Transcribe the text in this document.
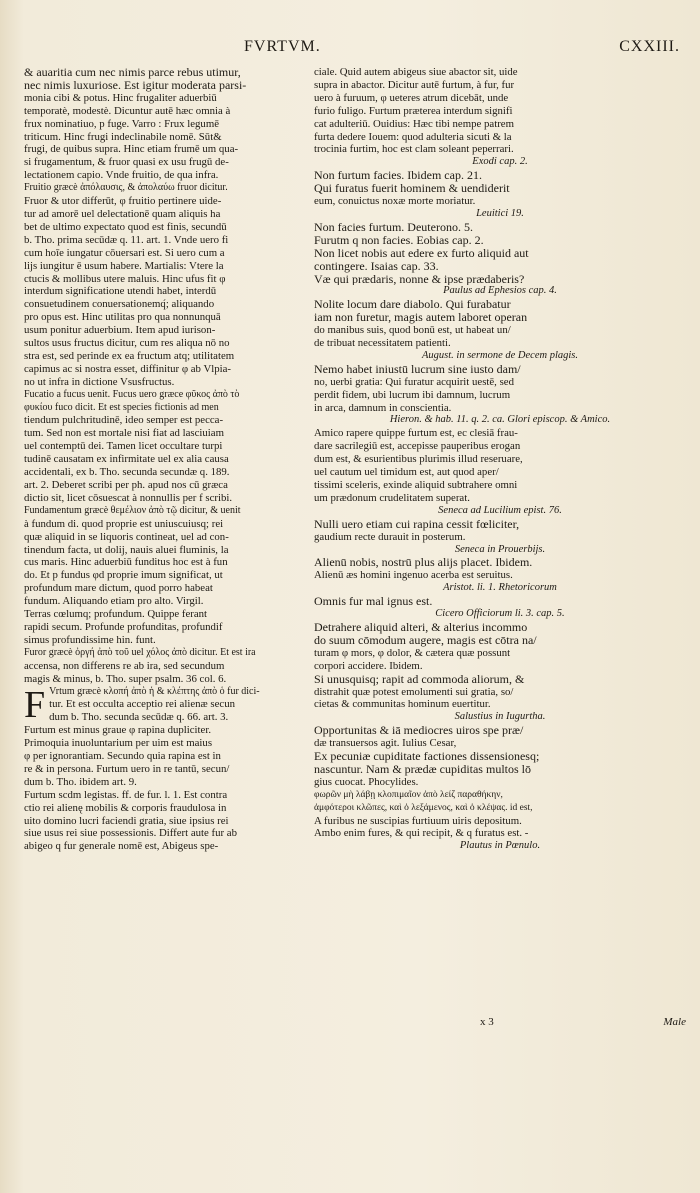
FVRTVM.	CXXIII.
& auaritia cum nec nimis parce rebus utimur,
nec nimis luxuriose. Est igitur moderata parsi-
monia cibi & potus. Hinc frugaliter aduerbiū
temporatè, modestè. Dicuntur autē hæc omnia à
frux nominatiuo, p fuge. Varro : Frux legumē
triticum. Hinc frugi indeclinabile nomē. Sūt&
frugi, de quibus supra. Hinc etiam frumē um qua-
si frugamentum, & fruor quasi ex usu frugū de-
lectationem capio. Vnde fruitio, de qua infra.
Fruitio græcè ἀπόλαυσις, & ἀπολαύω fruor dicitur.
Fruor & utor differūt, φ fruitio pertinere uide-
tur ad amorē uel delectationē quam aliquis ha
bet de ultimo expectato quod est finis, secundū
b. Tho. prima secūdæ q. 11. art. 1. Vnde uero fi
cum hoīe iungatur cōuersari est. Si uero cum a
lijs iungitur ē usum habere. Martialis: Vtere la
ctucis & mollibus utere maluis. Hinc ufus fit φ
interdum significatione utendi habet, interdū
consuetudinem conuersationemq́; aliquando
pro opus est. Hinc utilitas pro qua nonnunquā
usum ponitur aduerbium. Item apud iurison-
sultos usus fructus dicitur, cum res aliqua nō no
stra est, sed perinde ex ea fructum atq; utilitatem
capimus ac si nostra esset, diffinitur φ ab Vlpia-
no ut infra in dictione Vsusfructus.
Fucatio a fucus uenit. Fucus uero græce φῦκος ἀπὸ τὸ
φυκίου fuco dicit. Et est species fictionis ad men
tiendum pulchritudinē, ideo semper est pecca-
tum. Sed non est mortale nisi fiat ad lasciuiam
uel contemptū dei. Tamen licet occultare turpi
tudinē causatam ex infirmitate uel ex alia causa
accidentali, ex b. Tho. secunda secundæ q. 189.
art. 2. Deberet scribi per ph. apud nos cū græca
dictio sit, licet cōsuescat à nonnullis per f scribi.
Fundamentum græcè θεμέλιον ἀπὸ τῷ dicitur, & uenit
à fundum di. quod proprie est uniuscuiusq; rei
quæ aliquid in se liquoris contineat, uel ad con-
tinendum facta, ut dolij, nauis aluei fluminis, la
cus maris. Hinc aduerbiū funditus hoc est à fun
do. Et p fundus φd proprie imum significat, ut
profundum mare dictum, quod porro habeat
fundum. Aliquando etiam pro alto. Virgil.
Terras cœlumq; profundum. Quippe ferant
rapidi secum. Profunde profunditas, profundif
simus profundissime hin. funt.
Furor græcè ὀργή ἀπὸ τοῦ uel χόλος ἀπὸ dicitur. Et est ira
accensa, non differens re ab ira, sed secundum
magis & minus, b. Tho. super psalm. 36 col. 6.
F Vrtum græcè κλοπή ἀπὸ ἡ & κλέπτης ἀπὸ ὁ fur dici-
tur. Et est occulta acceptio rei alienæ secun
dum b. Tho. secunda secūdæ q. 66. art. 3.
Furtum est minus graue φ rapina dupliciter.
Primoquia inuoluntarium per uim est maius
φ per ignorantiam. Secundo quia rapina est in
re & in persona. Furtum uero in re tantū, secun/
dum b. Tho. ibidem art. 9.
Furtum scdm legistas. ff. de fur. l. 1. Est contra
ctio rei alienę mobilis & corporis fraudulosa in
uito domino lucri faciendi gratia, siue ipsius rei
siue usus rei siue possessionis. Differt aute fur ab
abigeo q fur generale nomē est, Abigeus spe-
ciale. Quid autem abigeus siue abactor sit, uide
supra in abactor. Dicitur autē furtum, à fur, fur
uero à furuum, φ ueteres atrum dicebāt, unde
furio fuligo. Furtum præterea interdum signifi
cat adulteriū. Ouidius: Hæc tibi nempe patrem
furta dedere Iouem: quod adulteria sicuti & la
trocinia furtim, hoc est clam soleant peperrari.
Exodi cap. 2.
Non furtum facies. Ibidem cap. 21.
Qui furatus fuerit hominem & uendiderit
eum, conuictus noxæ morte moriatur.
Leuitici 19.
Non facies furtum. Deuterono. 5.
Furutm q non facies. Eobias cap. 2.
Non licet nobis aut edere ex furto aliquid aut
contingere. Isaias cap. 33.
Væ qui prædaris, nonne & ipse prædaberis?
Paulus ad Ephesios cap. 4.
Nolite locum dare diabolo. Qui furabatur
iam non furetur, magis autem laboret operan
do manibus suis, quod bonū est, ut habeat un/
de tribuat necessitatem patienti.
August. in sermone de Decem plagis.
Nemo habet iniustū lucrum sine iusto dam/
no, uerbi gratia: Qui furatur acquirit uestē, sed
perdit fidem, ubi lucrum ibi damnum, lucrum
in arca, damnum in conscientia.
Hieron. & hab. 11. q. 2. ca. Glori episcop. & Amico.
Amico rapere quippe furtum est, ec clesiā frau-
dare sacrilegiū est, accepisse pauperibus erogan
dum est, & esurientibus plurimis illud reseruare,
uel cautum uel timidum est, aut quod aper/
tissimi sceleris, exinde aliquid subtrahere omni
um prædonum crudelitatem superat.
Seneca ad Lucilium epist. 76.
Nulli uero etiam cui rapina cessit fœliciter,
gaudium recte durauit in posterum.
Seneca in Prouerbijs.
Alienū nobis, nostrū plus alijs placet. Ibidem.
Alienū æs homini ingenuo acerba est seruitus.
Aristot. li. 1. Rhetoricorum
Omnis fur mal ignus est.
Cicero Officiorum li. 3. cap. 5.
Detrahere aliquid alteri, & alterius incommo
do suum cōmodum augere, magis est cōtra na/
turam φ mors, φ dolor, & cætera quæ possunt
corpori accidere. Ibidem.
Si unusquisq; rapit ad commoda aliorum, &
distrahit quæ potest emolumenti sui gratia, so/
cietas & communitas hominum euertitur.
Salustius in Iugurtha.
Opportunitas & iā mediocres uiros spe præ/
dæ transuersos agit. Iulius Cesar,
Ex pecuniæ cupiditate factiones dissensionesq;
nascuntur. Nam & prædæ cupiditas multos lō
gius cuocat. Phocylides.
φωρῶν μὴ λάβῃ κλοπιμαῖον ἀπὸ λείζ παραθήκην,
ἀμφότεροι κλῶπες, καὶ ὁ λεξάμενος, καὶ ὁ κλέψας. id est,
A furibus ne suscipias furtiuum uiris depositum.
Ambo enim fures, & qui recipit, & q furatus est. -
Plautus in Pœnulo.
x 3	Male
